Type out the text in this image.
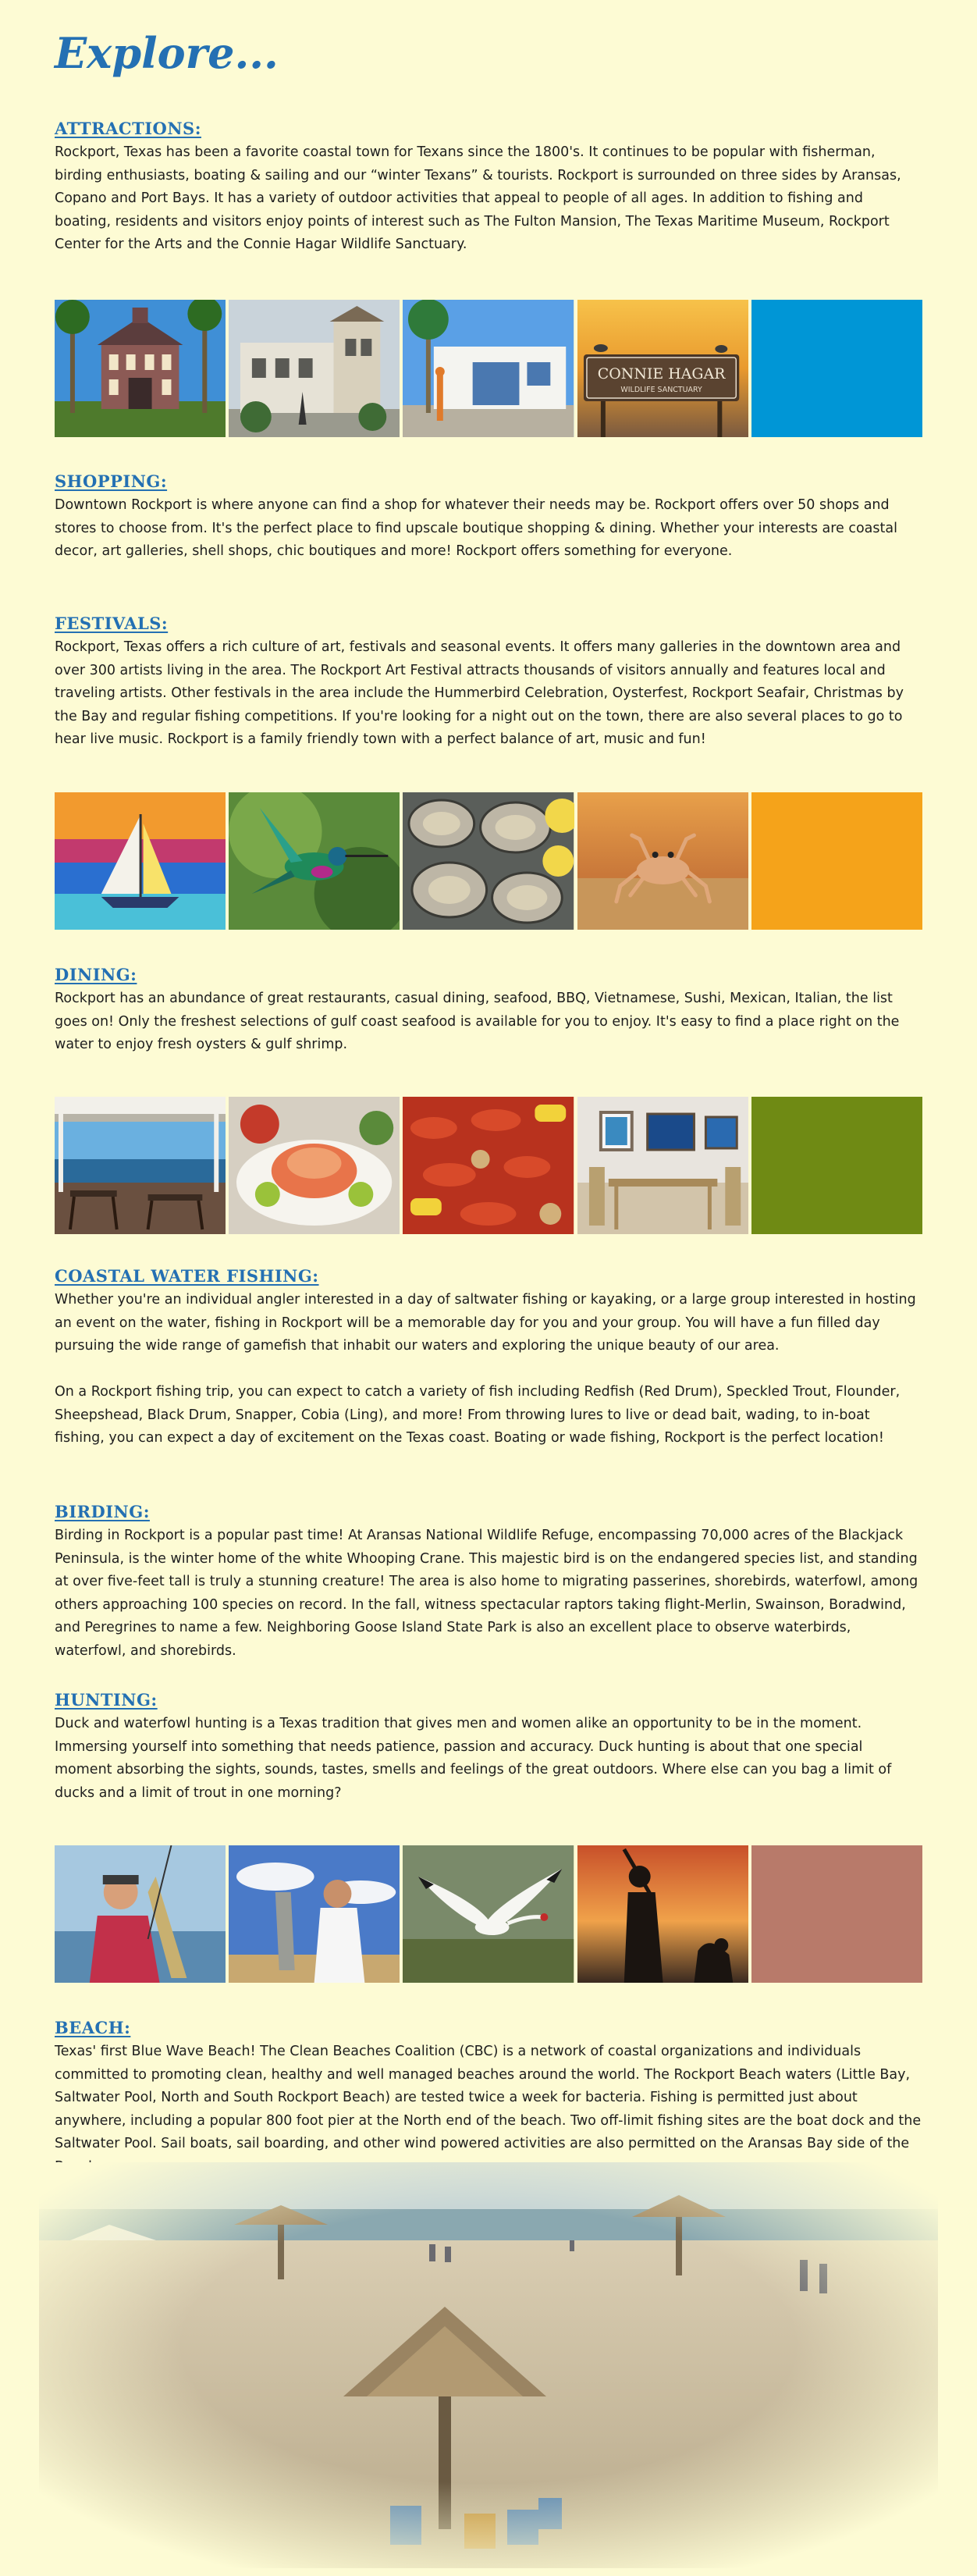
Explore...
ATTRACTIONS:

Rockport, Texas has been a favorite coastal town for Texans since the 1800's. It continues to be popular with fisherman, birding enthusiasts, boating & sailing and our “winter Texans” & tourists. Rockport is surrounded on three sides by Aransas, Copano and Port Bays. It has a variety of outdoor activities that appeal to people of all ages. In addition to fishing and boating, residents and visitors enjoy points of interest such as The Fulton Mansion, The Texas Maritime Museum, Rockport Center for the Arts and the Connie Hagar Wildlife Sanctuary.

CONNIE HAGAR
WILDLIFE SANCTUARY
SHOPPING:

Downtown Rockport is where anyone can find a shop for whatever their needs may be. Rockport offers over 50 shops and stores to choose from. It's the perfect place to find upscale boutique shopping & dining. Whether your interests are coastal decor, art galleries, shell shops, chic boutiques and more! Rockport offers something for everyone.

FESTIVALS:

Rockport, Texas offers a rich culture of art, festivals and seasonal events. It offers many galleries in the downtown area and over 300 artists living in the area. The Rockport Art Festival attracts thousands of visitors annually and features local and traveling artists. Other festivals in the area include the Hummerbird Celebration, Oysterfest, Rockport Seafair, Christmas by the Bay and regular fishing competitions. If you're looking for a night out on the town, there are also several places to go to hear live music. Rockport is a family friendly town with a perfect balance of art, music and fun!

DINING:

Rockport has an abundance of great restaurants, casual dining, seafood, BBQ, Vietnamese, Sushi, Mexican, Italian, the list goes on! Only the freshest selections of gulf coast seafood is available for you to enjoy. It's easy to find a place right on the water to enjoy fresh oysters & gulf shrimp.

COASTAL WATER FISHING:

Whether you're an individual angler interested in a day of saltwater fishing or kayaking, or a large group interested in hosting an event on the water, fishing in Rockport will be a memorable day for you and your group. You will have a fun filled day pursuing the wide range of gamefish that inhabit our waters and exploring the unique beauty of our area.

On a Rockport fishing trip, you can expect to catch a variety of fish including Redfish (Red Drum), Speckled Trout, Flounder, Sheepshead, Black Drum, Snapper, Cobia (Ling), and more! From throwing lures to live or dead bait, wading, to in-boat fishing, you can expect a day of excitement on the Texas coast. Boating or wade fishing, Rockport is the perfect location!

BIRDING:

Birding in Rockport is a popular past time! At Aransas National Wildlife Refuge, encompassing 70,000 acres of the Blackjack Peninsula, is the winter home of the white Whooping Crane. This majestic bird is on the endangered species list, and standing at over five-feet tall is truly a stunning creature! The area is also home to migrating passerines, shorebirds, waterfowl, among others approaching 100 species on record. In the fall, witness spectacular raptors taking flight-Merlin, Swainson, Boradwind, and Peregrines to name a few. Neighboring Goose Island State Park is also an excellent place to observe waterbirds, waterfowl, and shorebirds.

HUNTING:

Duck and waterfowl hunting is a Texas tradition that gives men and women alike an opportunity to be in the moment. Immersing yourself into something that needs patience, passion and accuracy. Duck hunting is about that one special moment absorbing the sights, sounds, tastes, smells and feelings of the great outdoors. Where else can you bag a limit of ducks and a limit of trout in one morning?

BEACH:

Texas' first Blue Wave Beach! The Clean Beaches Coalition (CBC) is a network of coastal organizations and individuals committed to promoting clean, healthy and well managed beaches around the world. The Rockport Beach waters (Little Bay, Saltwater Pool, North and South Rockport Beach) are tested twice a week for bacteria. Fishing is permitted just about anywhere, including a popular 800 foot pier at the North end of the beach. Two off-limit fishing sites are the boat dock and the Saltwater Pool. Sail boats, sail boarding, and other wind powered activities are also permitted on the Aransas Bay side of the
